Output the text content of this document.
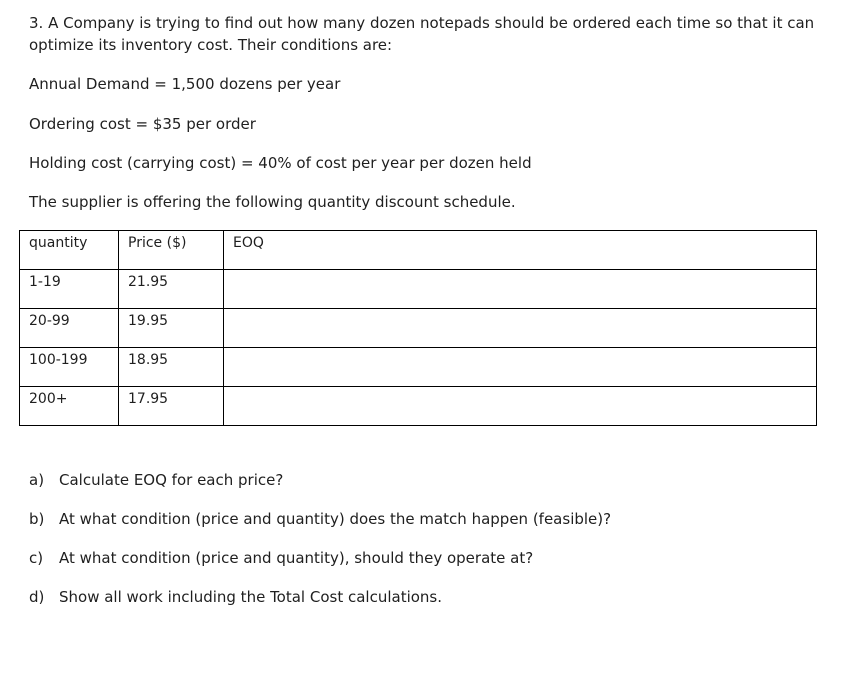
3. A Company is trying to find out how many dozen notepads should be ordered each time so that it can
optimize its inventory cost. Their conditions are:

Annual Demand = 1,500 dozens per year

Ordering cost = $35 per order

Holding cost (carrying cost) = 40% of cost per year per dozen held

The supplier is offering the following quantity discount schedule.

quantity	Price ($)	EOQ
1-19	21.95	
20-99	19.95	
100-199	18.95	
200+	17.95	
a) Calculate EOQ for each price?
b) At what condition (price and quantity) does the match happen (feasible)?
c) At what condition (price and quantity), should they operate at?
d) Show all work including the Total Cost calculations.
